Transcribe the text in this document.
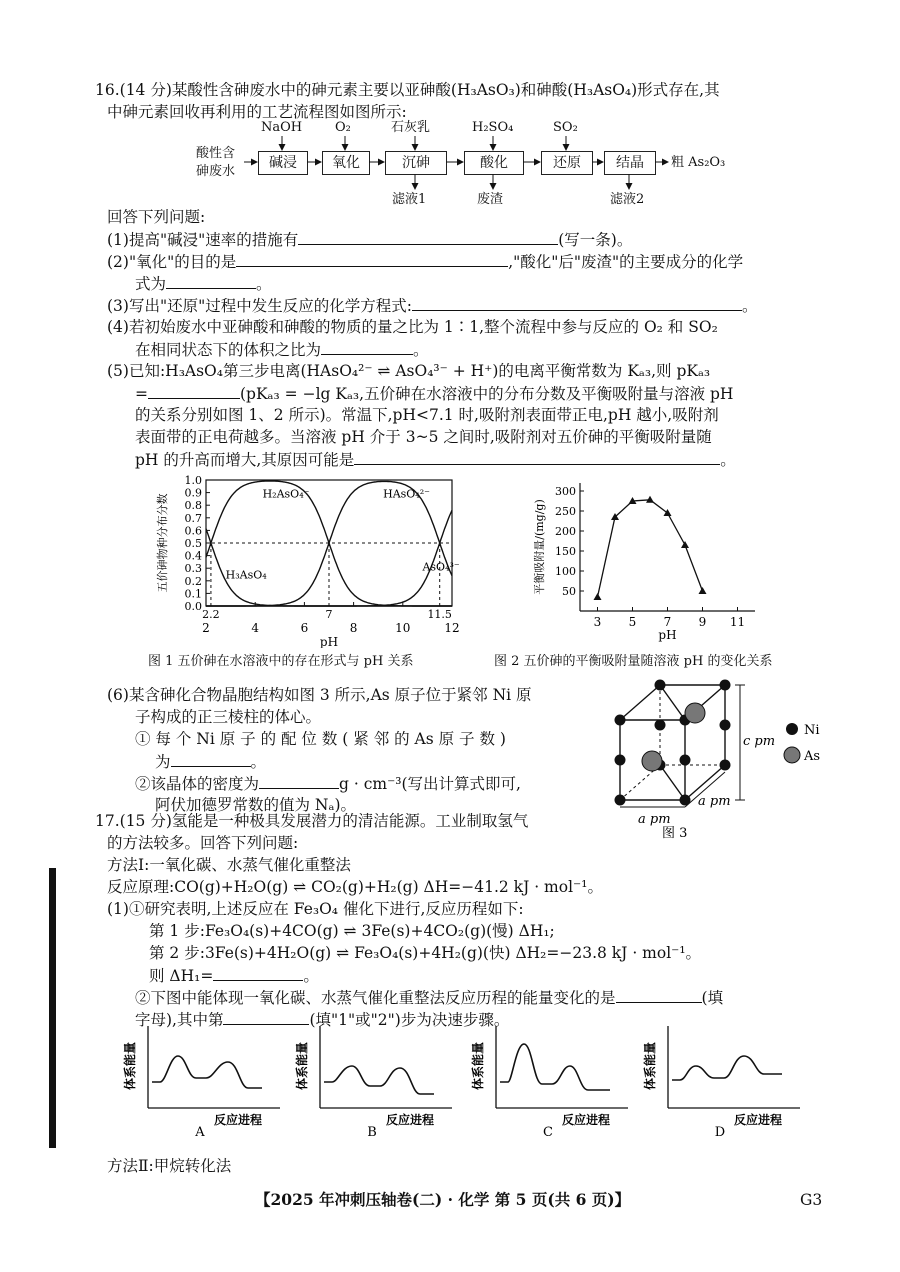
16.(14 分)某酸性含砷废水中的砷元素主要以亚砷酸(H₃AsO₃)和砷酸(H₃AsO₄)形式存在,其
中砷元素回收再利用的工艺流程图如图所示:
酸性含
砷废水
碱浸	氧化	沉砷	酸化	还原	结晶
NaOH	O₂	石灰乳	H₂SO₄	SO₂
滤液1	废渣	滤液2
粗 As₂O₃
回答下列问题:
(1)提高"碱浸"速率的措施有	(写一条)。
(2)"氧化"的目的是	,"酸化"后"废渣"的主要成分的化学
式为	。
(3)写出"还原"过程中发生反应的化学方程式:	。
(4)若初始废水中亚砷酸和砷酸的物质的量之比为 1∶1,整个流程中参与反应的 O₂ 和 SO₂
在相同状态下的体积之比为	。
(5)已知:H₃AsO₄第三步电离(HAsO₄²⁻ ⇌ AsO₄³⁻ + H⁺)的电离平衡常数为 Kₐ₃,则 pKₐ₃
=	(pKₐ₃ = −lg Kₐ₃,五价砷在水溶液中的分布分数及平衡吸附量与溶液 pH
的关系分别如图 1、2 所示)。常温下,pH<7.1 时,吸附剂表面带正电,pH 越小,吸附剂
表面带的正电荷越多。当溶液 pH 介于 3~5 之间时,吸附剂对五价砷的平衡吸附量随
pH 的升高而增大,其原因可能是	。
0.0
0.1
0.2
0.3
0.4
0.5
0.6
0.7
0.8
0.9
1.0
2	4	6	8	10	12
2.2	7	11.5
H₃AsO₄
H₂AsO₄⁻	HAsO₄²⁻
AsO₄³⁻
pH
五价砷物种分布分数	50
100
150
200
250
300
3 5 7 9 11
pH
平衡吸附量/(mg/g)
图 1 五价砷在水溶液中的存在形式与 pH 关系	图 2 五价砷的平衡吸附量随溶液 pH 的变化关系
(6)某含砷化合物晶胞结构如图 3 所示,As 原子位于紧邻 Ni 原
子构成的正三棱柱的体心。
① 每 个 Ni 原 子 的 配 位 数 ( 紧 邻 的 As 原 子 数 )
为	。
②该晶体的密度为	g · cm⁻³(写出计算式即可,
阿伏加德罗常数的值为 Nₐ)。
c pm
a pm
a pm
Ni
As
图 3
17.(15 分)氢能是一种极具发展潜力的清洁能源。工业制取氢气
的方法较多。回答下列问题:
方法Ⅰ:一氧化碳、水蒸气催化重整法
反应原理:CO(g)+H₂O(g) ⇌ CO₂(g)+H₂(g) ΔH=−41.2 kJ · mol⁻¹。
(1)①研究表明,上述反应在 Fe₃O₄ 催化下进行,反应历程如下:
第 1 步:Fe₃O₄(s)+4CO(g) ⇌ 3Fe(s)+4CO₂(g)(慢) ΔH₁;
第 2 步:3Fe(s)+4H₂O(g) ⇌ Fe₃O₄(s)+4H₂(g)(快) ΔH₂=−23.8 kJ · mol⁻¹。
则 ΔH₁=	。
②下图中能体现一氧化碳、水蒸气催化重整法反应历程的能量变化的是	(填
字母),其中第	(填"1"或"2")步为决速步骤。
体系能量
反应进程
A
体系能量
反应进程
B
体系能量
反应进程
C
体系能量
反应进程
D
方法Ⅱ:甲烷转化法
【2025 年冲刺压轴卷(二) · 化学 第 5 页(共 6 页)】	G3
